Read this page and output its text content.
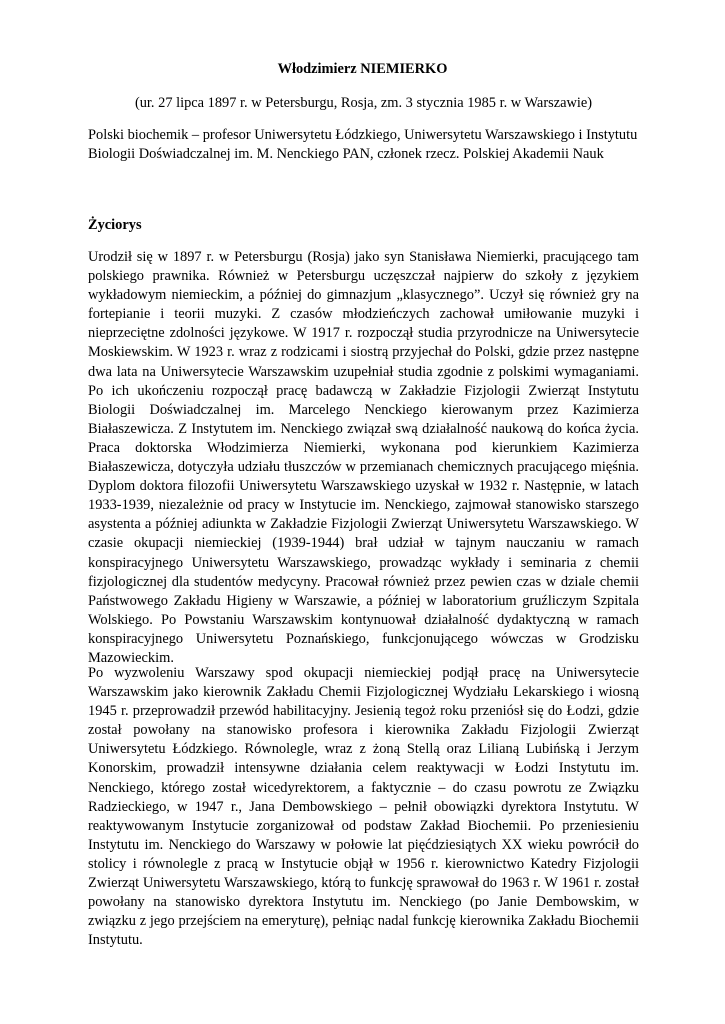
Włodzimierz NIEMIERKO

(ur. 27 lipca 1897 r. w Petersburgu, Rosja, zm. 3 stycznia 1985 r. w Warszawie)

Polski biochemik – profesor Uniwersytetu Łódzkiego, Uniwersytetu Warszawskiego i Instytutu Biologii Doświadczalnej im. M. Nenckiego PAN, członek rzecz. Polskiej Akademii Nauk

Życiorys

Urodził się w 1897 r. w Petersburgu (Rosja) jako syn Stanisława Niemierki, pracującego tam polskiego prawnika. Również w Petersburgu uczęszczał najpierw do szkoły z językiem wykładowym niemieckim, a później do gimnazjum „klasycznego”. Uczył się również gry na fortepianie i teorii muzyki. Z czasów młodzieńczych zachował umiłowanie muzyki i nieprzeciętne zdolności językowe. W 1917 r. rozpoczął studia przyrodnicze na Uniwersytecie Moskiewskim. W 1923 r. wraz z rodzicami i siostrą przyjechał do Polski, gdzie przez następne dwa lata na Uniwersytecie Warszawskim uzupełniał studia zgodnie z polskimi wymaganiami. Po ich ukończeniu rozpoczął pracę badawczą w Zakładzie Fizjologii Zwierząt Instytutu Biologii Doświadczalnej im. Marcelego Nenckiego kierowanym przez Kazimierza Białaszewicza. Z Instytutem im. Nenckiego związał swą działalność naukową do końca życia. Praca doktorska Włodzimierza Niemierki, wykonana pod kierunkiem Kazimierza Białaszewicza, dotyczyła udziału tłuszczów w przemianach chemicznych pracującego mięśnia. Dyplom doktora filozofii Uniwersytetu Warszawskiego uzyskał w 1932 r. Następnie, w latach 1933-1939, niezależnie od pracy w Instytucie im. Nenckiego, zajmował stanowisko starszego asystenta a później adiunkta w Zakładzie Fizjologii Zwierząt Uniwersytetu Warszawskiego. W czasie okupacji niemieckiej (1939-1944) brał udział w tajnym nauczaniu w ramach konspiracyjnego Uniwersytetu Warszawskiego, prowadząc wykłady i seminaria z chemii fizjologicznej dla studentów medycyny. Pracował również przez pewien czas w dziale chemii Państwowego Zakładu Higieny w Warszawie, a później w laboratorium gruźliczym Szpitala Wolskiego. Po Powstaniu Warszawskim kontynuował działalność dydaktyczną w ramach konspiracyjnego Uniwersytetu Poznańskiego, funkcjonującego wówczas w Grodzisku Mazowieckim.

Po wyzwoleniu Warszawy spod okupacji niemieckiej podjął pracę na Uniwersytecie Warszawskim jako kierownik Zakładu Chemii Fizjologicznej Wydziału Lekarskiego i wiosną 1945 r. przeprowadził przewód habilitacyjny. Jesienią tegoż roku przeniósł się do Łodzi, gdzie został powołany na stanowisko profesora i kierownika Zakładu Fizjologii Zwierząt Uniwersytetu Łódzkiego. Równolegle, wraz z żoną Stellą oraz Lilianą Lubińską i Jerzym Konorskim, prowadził intensywne działania celem reaktywacji w Łodzi Instytutu im. Nenckiego, którego został wicedyrektorem, a faktycznie – do czasu powrotu ze Związku Radzieckiego, w 1947 r., Jana Dembowskiego – pełnił obowiązki dyrektora Instytutu. W reaktywowanym Instytucie zorganizował od podstaw Zakład Biochemii. Po przeniesieniu Instytutu im. Nenckiego do Warszawy w połowie lat pięćdziesiątych XX wieku powrócił do stolicy i równolegle z pracą w Instytucie objął w 1956 r. kierownictwo Katedry Fizjologii Zwierząt Uniwersytetu Warszawskiego, którą to funkcję sprawował do 1963 r. W 1961 r. został powołany na stanowisko dyrektora Instytutu im. Nenckiego (po Janie Dembowskim, w związku z jego przejściem na emeryturę), pełniąc nadal funkcję kierownika Zakładu Biochemii Instytutu.
